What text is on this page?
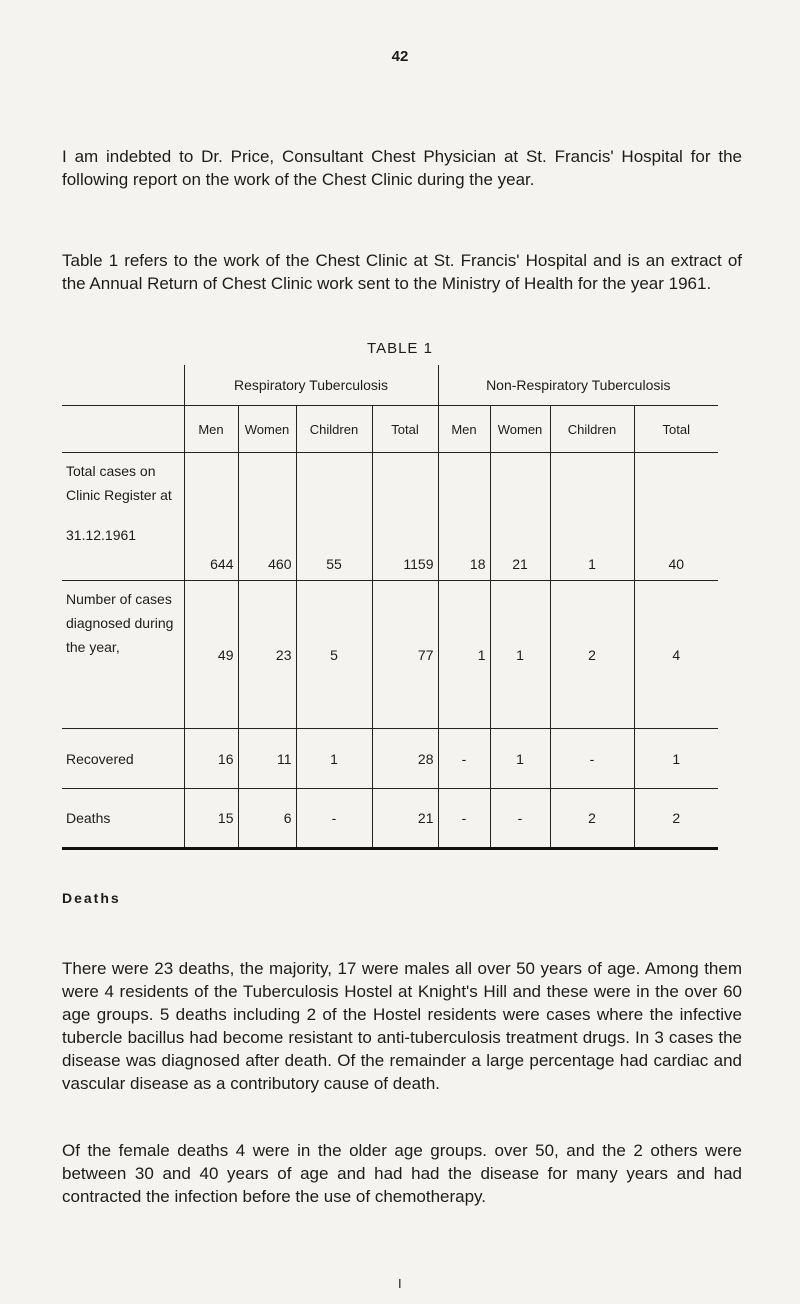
42

I am indebted to Dr. Price, Consultant Chest Physician at St. Francis' Hospital for the following report on the work of the Chest Clinic during the year.

Table 1 refers to the work of the Chest Clinic at St. Francis' Hospital and is an extract of the Annual Return of Chest Clinic work sent to the Ministry of Health for the year 1961.

TABLE 1
	Respiratory Tuberculosis				Non-Respiratory Tuberculosis			
	Men	Women	Children	Total	Men	Women	Children	Total

Total cases on Clinic Register at
31.12.1961	644	460	55	1159	18	21	1	40
Number of cases diagnosed during the year,	49	23	5	77	1	1	2	4
Recovered	16	11	1	28	-	1	-	1
Deaths	15	6	-	21	-	-	2	2
Deaths

There were 23 deaths, the majority, 17 were males all over 50 years of age. Among them were 4 residents of the Tuberculosis Hostel at Knight's Hill and these were in the over 60 age groups. 5 deaths including 2 of the Hostel residents were cases where the infective tubercle bacillus had become resistant to anti-tuberculosis treatment drugs. In 3 cases the disease was diagnosed after death. Of the remainder a large percentage had cardiac and vascular disease as a contributory cause of death.

Of the female deaths 4 were in the older age groups. over 50, and the 2 others were between 30 and 40 years of age and had had the disease for many years and had contracted the infection before the use of chemotherapy.

I
